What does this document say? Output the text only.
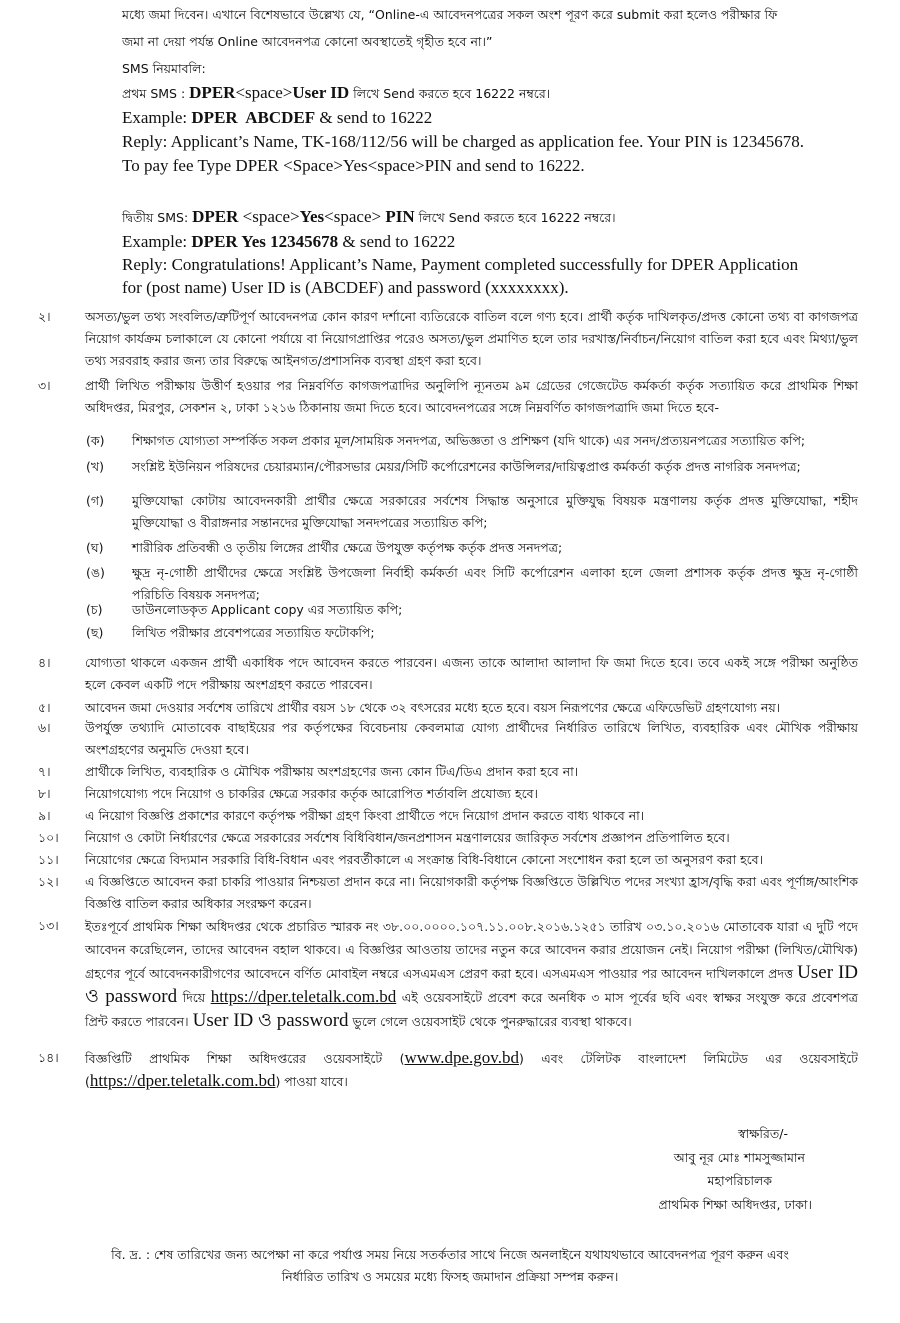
মধ্যে জমা দিবেন। এখানে বিশেষভাবে উল্লেখ্য যে, “Online-এ আবেদনপত্রের সকল অংশ পূরণ করে submit করা হলেও পরীক্ষার ফি
জমা না দেয়া পর্যন্ত Online আবেদনপত্র কোনো অবস্থাতেই গৃহীত হবে না।”
SMS নিয়মাবলি:
প্রথম SMS : DPER<space>User ID লিখে Send করতে হবে 16222 নম্বরে।
Example: DPER  ABCDEF & send to 16222
Reply: Applicant’s Name, TK-168/112/56 will be charged as application fee. Your PIN is 12345678.
To pay fee Type DPER <Space>Yes<space>PIN and send to 16222.
দ্বিতীয় SMS: DPER <space>Yes<space> PIN লিখে Send করতে হবে 16222 নম্বরে।
Example: DPER Yes 12345678 & send to 16222
Reply: Congratulations! Applicant’s Name, Payment completed successfully for DPER Application
for (post name) User ID is (ABCDEF) and password (xxxxxxxx).
২।	অসত্য/ভুল তথ্য সংবলিত/ত্রুটিপূর্ণ আবেদনপত্র কোন কারণ দর্শানো ব্যতিরেকে বাতিল বলে গণ্য হবে। প্রার্থী কর্তৃক দাখিলকৃত/প্রদত্ত কোনো তথ্য বা কাগজপত্র নিয়োগ কার্যক্রম চলাকালে যে কোনো পর্যায়ে বা নিয়োগপ্রাপ্তির পরেও অসত্য/ভুল প্রমাণিত হলে তার দরখাস্ত/নির্বাচন/নিয়োগ বাতিল করা হবে এবং মিথ্যা/ভুল তথ্য সরবরাহ করার জন্য তার বিরুদ্ধে আইনগত/প্রশাসনিক ব্যবস্থা গ্রহণ করা হবে।
৩।	প্রার্থী লিখিত পরীক্ষায় উত্তীর্ণ হওয়ার পর নিম্নবর্ণিত কাগজপত্রাদির অনুলিপি ন্যূনতম ৯ম গ্রেডের গেজেটেড কর্মকর্তা কর্তৃক সত্যায়িত করে প্রাথমিক শিক্ষা অধিদপ্তর, মিরপুর, সেকশন ২, ঢাকা ১২১৬ ঠিকানায় জমা দিতে হবে। আবেদনপত্রের সঙ্গে নিম্নবর্ণিত কাগজপত্রাদি জমা দিতে হবে-
(ক) শিক্ষাগত যোগ্যতা সম্পর্কিত সকল প্রকার মূল/সাময়িক সনদপত্র, অভিজ্ঞতা ও প্রশিক্ষণ (যদি থাকে) এর সনদ/প্রত্যয়নপত্রের সত্যায়িত কপি;
(খ) সংশ্লিষ্ট ইউনিয়ন পরিষদের চেয়ারম্যান/পৌরসভার মেয়র/সিটি কর্পোরেশনের কাউন্সিলর/দায়িত্বপ্রাপ্ত কর্মকর্তা কর্তৃক প্রদত্ত নাগরিক সনদপত্র;
(গ) মুক্তিযোদ্ধা কোটায় আবেদনকারী প্রার্থীর ক্ষেত্রে সরকারের সর্বশেষ সিদ্ধান্ত অনুসারে মুক্তিযুদ্ধ বিষয়ক মন্ত্রণালয় কর্তৃক প্রদত্ত মুক্তিযোদ্ধা, শহীদ মুক্তিযোদ্ধা ও বীরাঙ্গনার সন্তানদের মুক্তিযোদ্ধা সনদপত্রের সত্যায়িত কপি;
(ঘ) শারীরিক প্রতিবন্ধী ও তৃতীয় লিঙ্গের প্রার্থীর ক্ষেত্রে উপযুক্ত কর্তৃপক্ষ কর্তৃক প্রদত্ত সনদপত্র;
(ঙ) ক্ষুদ্র নৃ-গোষ্ঠী প্রার্থীদের ক্ষেত্রে সংশ্লিষ্ট উপজেলা নির্বাহী কর্মকর্তা এবং সিটি কর্পোরেশন এলাকা হলে জেলা প্রশাসক কর্তৃক প্রদত্ত ক্ষুদ্র নৃ-গোষ্ঠী পরিচিতি বিষয়ক সনদপত্র;
(চ) ডাউনলোডকৃত Applicant copy এর সত্যায়িত কপি;
(ছ) লিখিত পরীক্ষার প্রবেশপত্রের সত্যায়িত ফটোকপি;
৪।	যোগ্যতা থাকলে একজন প্রার্থী একাধিক পদে আবেদন করতে পারবেন। এজন্য তাকে আলাদা আলাদা ফি জমা দিতে হবে। তবে একই সঙ্গে পরীক্ষা অনুষ্ঠিত হলে কেবল একটি পদে পরীক্ষায় অংশগ্রহণ করতে পারবেন।
৫।	আবেদন জমা দেওয়ার সর্বশেষ তারিখে প্রার্থীর বয়স ১৮ থেকে ৩২ বৎসরের মধ্যে হতে হবে। বয়স নিরূপণের ক্ষেত্রে এফিডেভিট গ্রহণযোগ্য নয়।
৬।	উপর্যুক্ত তথ্যাদি মোতাবেক বাছাইয়ের পর কর্তৃপক্ষের বিবেচনায় কেবলমাত্র যোগ্য প্রার্থীদের নির্ধারিত তারিখে লিখিত, ব্যবহারিক এবং মৌখিক পরীক্ষায় অংশগ্রহণের অনুমতি দেওয়া হবে।
৭।	প্রার্থীকে লিখিত, ব্যবহারিক ও মৌখিক পরীক্ষায় অংশগ্রহণের জন্য কোন টিএ/ডিএ প্রদান করা হবে না।
৮।	নিয়োগযোগ্য পদে নিয়োগ ও চাকরির ক্ষেত্রে সরকার কর্তৃক আরোপিত শর্তাবলি প্রযোজ্য হবে।
৯।	এ নিয়োগ বিজ্ঞপ্তি প্রকাশের কারণে কর্তৃপক্ষ পরীক্ষা গ্রহণ কিংবা প্রার্থীতে পদে নিয়োগ প্রদান করতে বাধ্য থাকবে না।
১০। নিয়োগ ও কোটা নির্ধারণের ক্ষেত্রে সরকারের সর্বশেষ বিধিবিধান/জনপ্রশাসন মন্ত্রণালয়ের জারিকৃত সর্বশেষ প্রজ্ঞাপন প্রতিপালিত হবে।
১১। নিয়োগের ক্ষেত্রে বিদ্যমান সরকারি বিধি-বিধান এবং পরবর্তীকালে এ সংক্রান্ত বিধি-বিধানে কোনো সংশোধন করা হলে তা অনুসরণ করা হবে।
১২। এ বিজ্ঞপ্তিতে আবেদন করা চাকরি পাওয়ার নিশ্চয়তা প্রদান করে না। নিয়োগকারী কর্তৃপক্ষ বিজ্ঞপ্তিতে উল্লিখিত পদের সংখ্যা হ্রাস/বৃদ্ধি করা এবং পূর্ণাঙ্গ/আংশিক বিজ্ঞপ্তি বাতিল করার অধিকার সংরক্ষণ করেন।
১৩। ইতঃপূর্বে প্রাথমিক শিক্ষা অধিদপ্তর থেকে প্রচারিত স্মারক নং ৩৮.০০.০০০০.১০৭.১১.০০৮.২০১৬.১২৫১ তারিখ ০৩.১০.২০১৬ মোতাবেক যারা এ দুটি পদে আবেদন করেছিলেন, তাদের আবেদন বহাল থাকবে। এ বিজ্ঞপ্তির আওতায় তাদের নতুন করে আবেদন করার প্রয়োজন নেই। নিয়োগ পরীক্ষা (লিখিত/মৌখিক) গ্রহণের পূর্বে আবেদনকারীগণের আবেদনে বর্ণিত মোবাইল নম্বরে এসএমএস প্রেরণ করা হবে। এসএমএস পাওয়ার পর আবেদন দাখিলকালে প্রদত্ত User ID ও password দিয়ে https://dper.teletalk.com.bd এই ওয়েবসাইটে প্রবেশ করে অনধিক ৩ মাস পূর্বের ছবি এবং স্বাক্ষর সংযুক্ত করে প্রবেশপত্র প্রিন্ট করতে পারবেন। User ID ও password ভুলে গেলে ওয়েবসাইট থেকে পুনরুদ্ধারের ব্যবস্থা থাকবে।
১৪। বিজ্ঞপ্তিটি প্রাথমিক শিক্ষা অধিদপ্তরের ওয়েবসাইটে (www.dpe.gov.bd) এবং টেলিটক বাংলাদেশ লিমিটেড এর ওয়েবসাইটে (https://dper.teletalk.com.bd) পাওয়া যাবে।
স্বাক্ষরিত/-
আবু নূর মোঃ শামসুজ্জামান
মহাপরিচালক
প্রাথমিক শিক্ষা অধিদপ্তর, ঢাকা।
বি. দ্র. : শেষ তারিখের জন্য অপেক্ষা না করে পর্যাপ্ত সময় নিয়ে সতর্কতার সাথে নিজে অনলাইনে যথাযথভাবে আবেদনপত্র পূরণ করুন এবং
নির্ধারিত তারিখ ও সময়ের মধ্যে ফিসহ জমাদান প্রক্রিয়া সম্পন্ন করুন।
